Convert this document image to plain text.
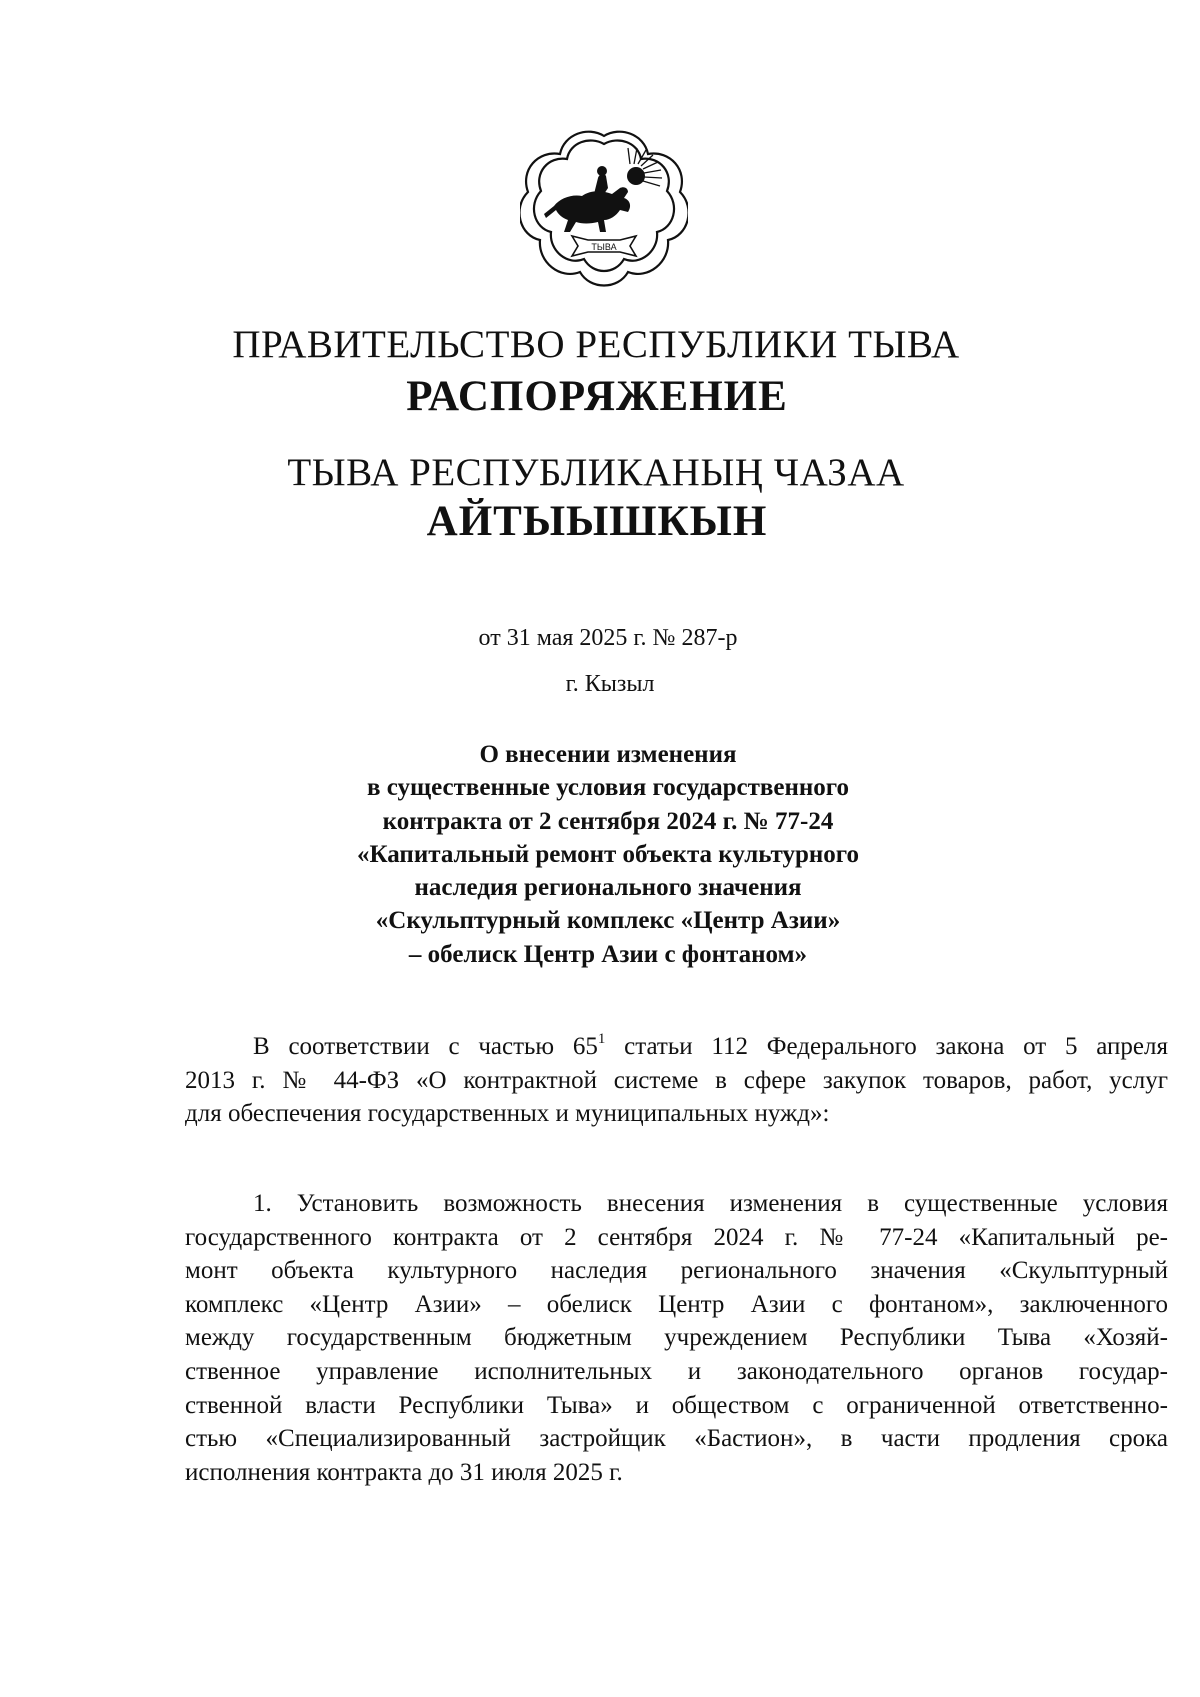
ТЫВА
ПРАВИТЕЛЬСТВО РЕСПУБЛИКИ ТЫВА
РАСПОРЯЖЕНИЕ
ТЫВА РЕСПУБЛИКАНЫҢ ЧАЗАА
АЙТЫЫШКЫН
от 31 мая 2025 г. № 287-р
г. Кызыл
О внесении изменения
в существенные условия государственного
контракта от 2 сентября 2024 г. № 77-24
«Капитальный ремонт объекта культурного
наследия регионального значения
«Скульптурный комплекс «Центр Азии»
– обелиск Центр Азии с фонтаном»
В соответствии с частью $65^1$ статьи 112 Федерального закона от 5 апреля
2013 г. № 44-ФЗ «О контрактной системе в сфере закупок товаров, работ, услуг
для обеспечения государственных и муниципальных нужд»:
1. Установить возможность внесения изменения в существенные условия
государственного контракта от 2 сентября 2024 г. № 77-24 «Капитальный ре-
монт объекта культурного наследия регионального значения «Скульптурный
комплекс «Центр Азии» – обелиск Центр Азии с фонтаном», заключенного
между государственным бюджетным учреждением Республики Тыва «Хозяй-
ственное управление исполнительных и законодательного органов государ-
ственной власти Республики Тыва» и обществом с ограниченной ответственно-
стью «Специализированный застройщик «Бастион», в части продления срока
исполнения контракта до 31 июля 2025 г.
